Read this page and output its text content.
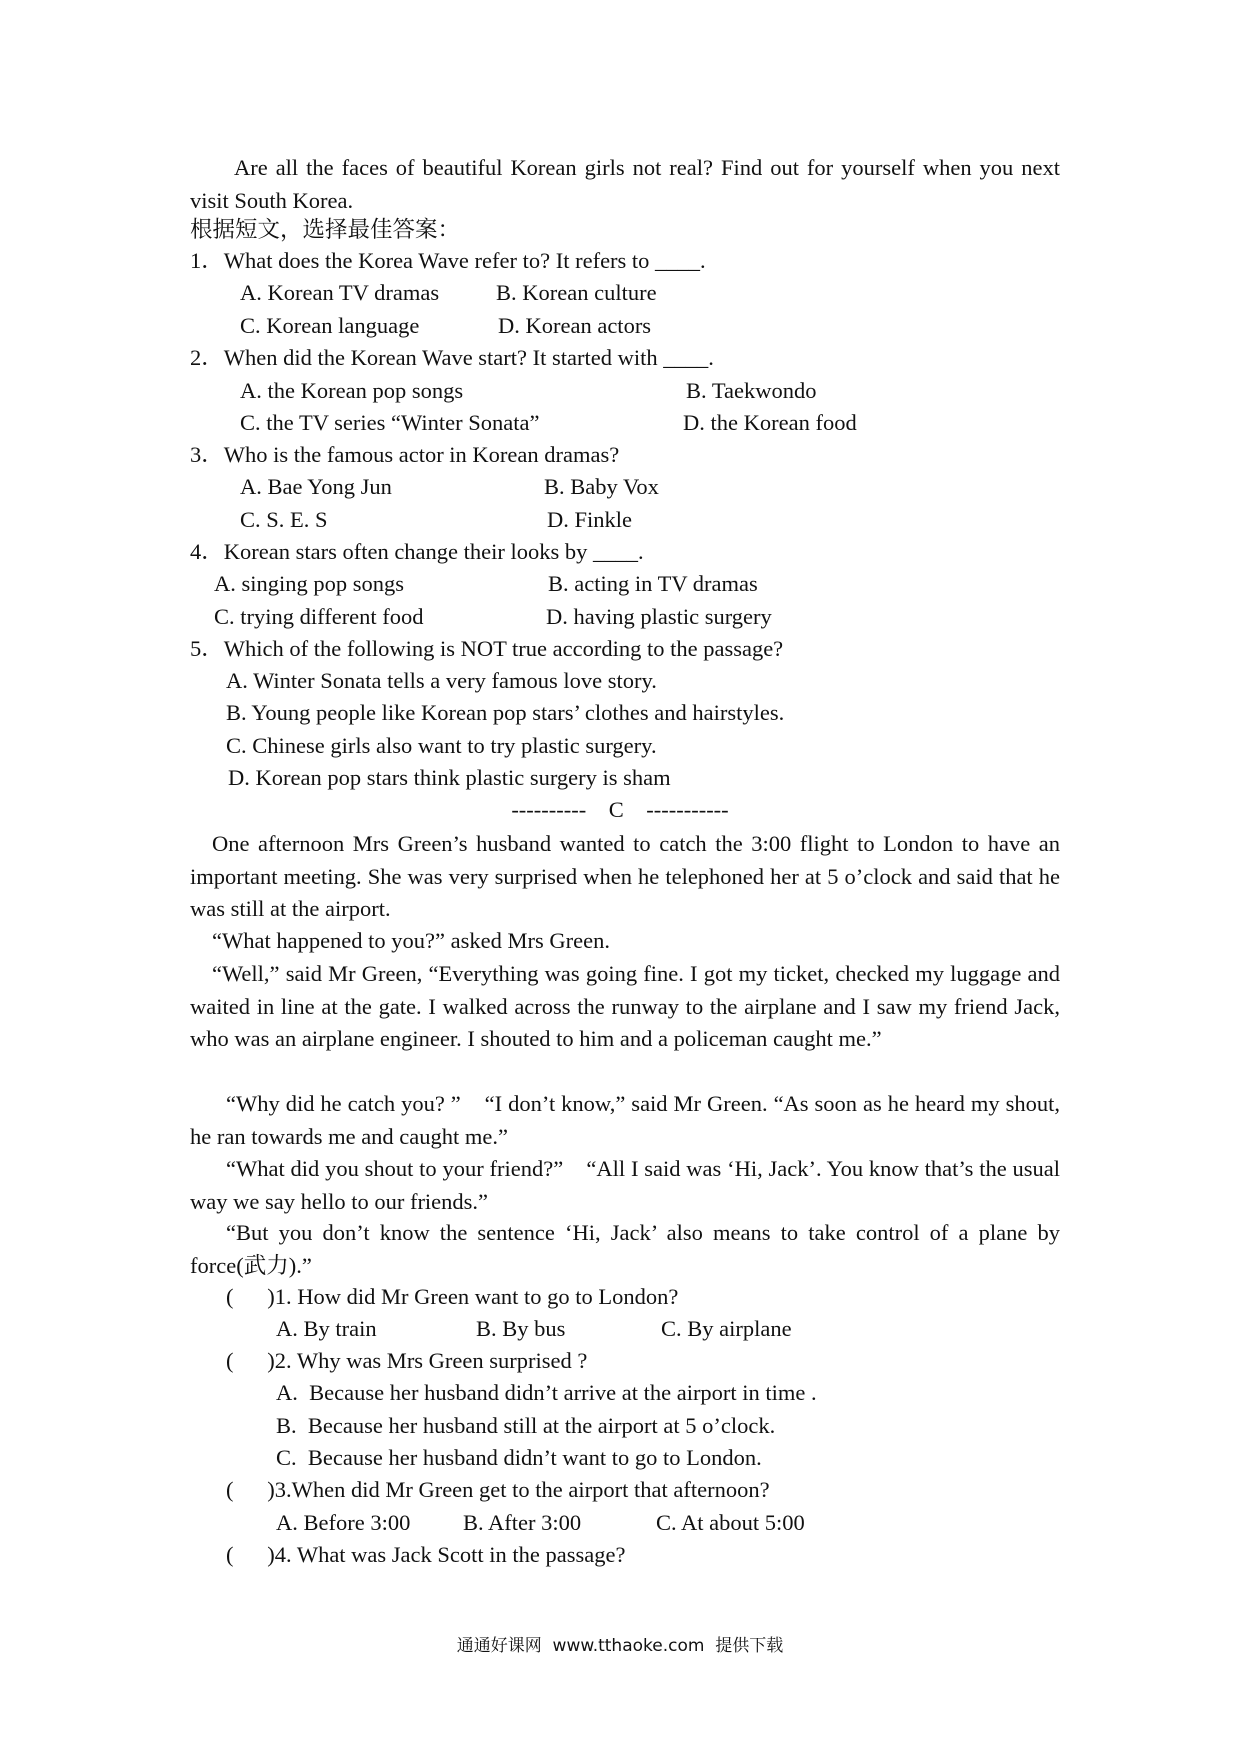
Are all the faces of beautiful Korean girls not real? Find out for yourself when you next visit South Korea.
根据短文，选择最佳答案：
1．What does the Korea Wave refer to? It refers to ____.
A. Korean TV dramas	B. Korean culture
C. Korean language	D. Korean actors
2．When did the Korean Wave start? It started with ____.
A. the Korean pop songs	B. Taekwondo
C. the TV series “Winter Sonata”	D. the Korean food
3．Who is the famous actor in Korean dramas?
A. Bae Yong Jun	B. Baby Vox
C. S. E. S	D. Finkle
4．Korean stars often change their looks by ____.
A. singing pop songs	B. acting in TV dramas
C. trying different food	D. having plastic surgery
5．Which of the following is NOT true according to the passage?
A. Winter Sonata tells a very famous love story.
B. Young people like Korean pop stars’ clothes and hairstyles.
C. Chinese girls also want to try plastic surgery.
D. Korean pop stars think plastic surgery is sham
----------    C    -----------
One afternoon Mrs Green’s husband wanted to catch the 3:00 flight to London to have an important meeting. She was very surprised when he telephoned her at 5 o’clock and said that he was still at the airport.
“What happened to you?” asked Mrs Green.
“Well,” said Mr Green, “Everything was going fine. I got my ticket, checked my luggage and waited in line at the gate. I walked across the runway to the airplane and I saw my friend Jack, who was an airplane engineer. I shouted to him and a policeman caught me.”
“Why did he catch you? ”    “I don’t know,” said Mr Green. “As soon as he heard my shout, he ran towards me and caught me.”
“What did you shout to your friend?”    “All I said was ‘Hi, Jack’. You know that’s the usual way we say hello to our friends.”
“But you don’t know the sentence ‘Hi, Jack’ also means to take control of a plane by force(武力).”
(      )1. How did Mr Green want to go to London?
A. By train	B. By bus	C. By airplane
(      )2. Why was Mrs Green surprised ?
A.  Because her husband didn’t arrive at the airport in time .
B.  Because her husband still at the airport at 5 o’clock.
C.  Because her husband didn’t want to go to London.
(      )3.When did Mr Green get to the airport that afternoon?
A. Before 3:00 B. After 3:00	C. At about 5:00
(      )4. What was Jack Scott in the passage?
通通好课网  www.tthaoke.com  提供下载
